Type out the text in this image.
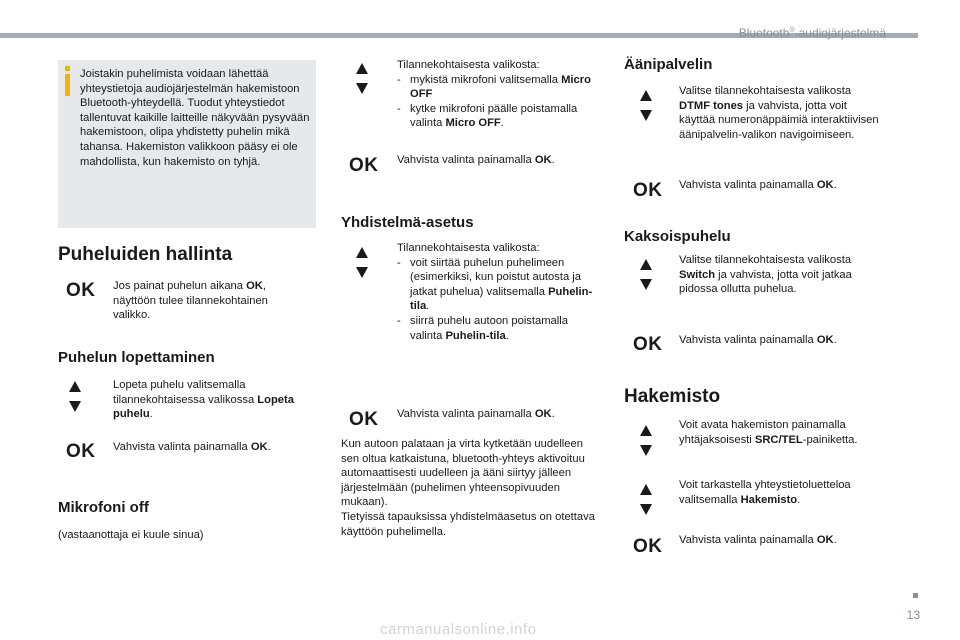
Bluetooth®-audiojärjestelmä
Joistakin puhelimista voidaan lähettää yhteystietoja audiojärjestelmän hakemistoon Bluetooth-yhteydellä. Tuodut yhteystiedot tallentuvat kaikille laitteille näkyvään pysyvään hakemistoon, olipa yhdistetty puhelin mikä tahansa. Hakemiston valikkoon pääsy ei ole mahdollista, kun hakemisto on tyhjä.
Puheluiden hallinta
OK Jos painat puhelun aikana OK, näyttöön tulee tilannekohtainen valikko.
Puhelun lopettaminen
Lopeta puhelu valitsemalla tilannekohtaisessa valikossa Lopeta puhelu.
OK Vahvista valinta painamalla OK.
Mikrofoni off
(vastaanottaja ei kuule sinua)
Tilannekohtaisesta valikosta:
- mykistä mikrofoni valitsemalla Micro OFF
- kytke mikrofoni päälle poistamalla valinta Micro OFF.
OK Vahvista valinta painamalla OK.
Yhdistelmä-asetus
Tilannekohtaisesta valikosta:
- voit siirtää puhelun puhelimeen (esimerkiksi, kun poistut autosta ja jatkat puhelua) valitsemalla Puhelin-tila.
- siirrä puhelu autoon poistamalla valinta Puhelin-tila.
OK Vahvista valinta painamalla OK.
Kun autoon palataan ja virta kytketään uudelleen sen oltua katkaistuna, bluetooth-yhteys aktivoituu automaattisesti uudelleen ja ääni siirtyy jälleen järjestelmään (puhelimen yhteensopivuuden mukaan).
Tietyissä tapauksissa yhdistelmäasetus on otettava käyttöön puhelimella.
Äänipalvelin
Valitse tilannekohtaisesta valikosta DTMF tones ja vahvista, jotta voit käyttää numeronäppäimiä interaktiivisen äänipalvelin-valikon navigoimiseen.
OK Vahvista valinta painamalla OK.
Kaksoispuhelu
Valitse tilannekohtaisesta valikosta Switch ja vahvista, jotta voit jatkaa pidossa ollutta puhelua.
OK Vahvista valinta painamalla OK.
Hakemisto
Voit avata hakemiston painamalla yhtäjaksoisesti SRC/TEL-painiketta.
Voit tarkastella yhteystietoluetteloa valitsemalla Hakemisto.
OK Vahvista valinta painamalla OK.
13
carmanualsonline.info
